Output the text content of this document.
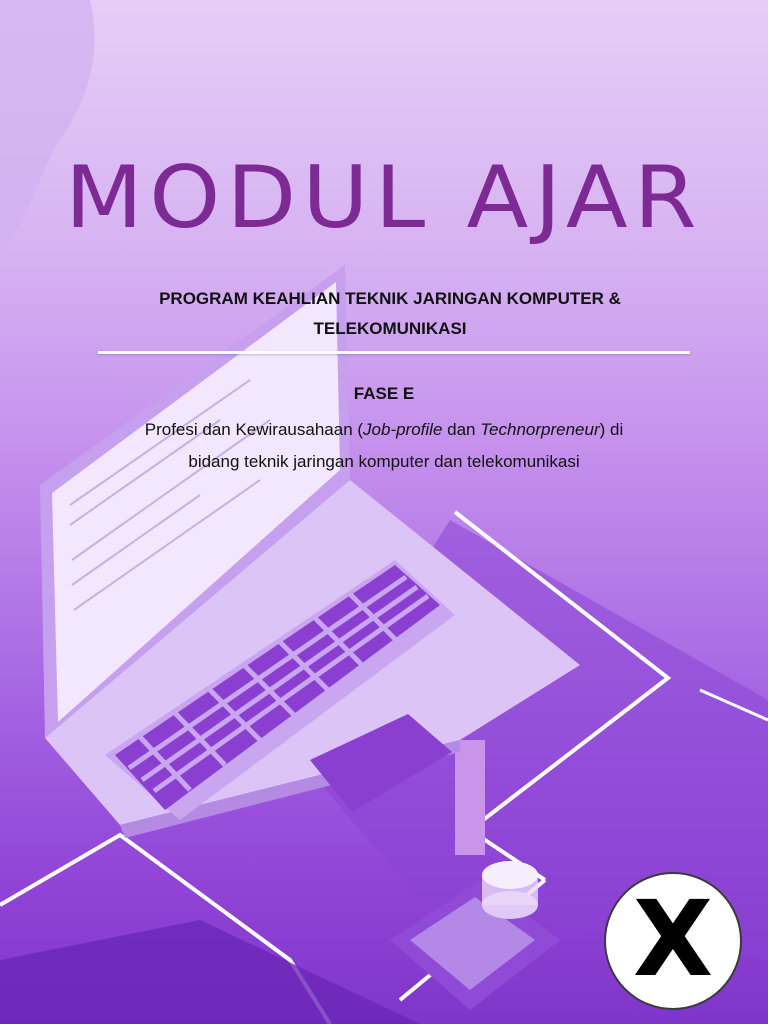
MODUL AJAR
PROGRAM KEAHLIAN TEKNIK JARINGAN KOMPUTER &
TELEKOMUNIKASI
FASE E
Profesi dan Kewirausahaan (Job-profile dan Technorpreneur) di
bidang teknik jaringan komputer dan telekomunikasi
X
